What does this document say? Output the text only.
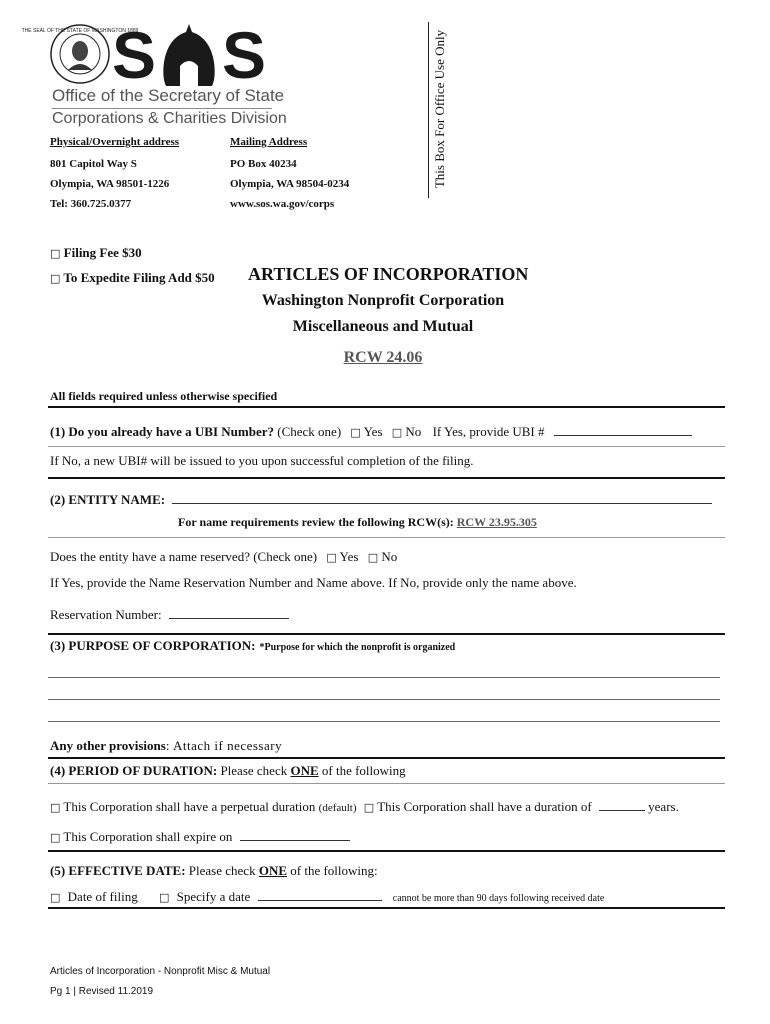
THE SEAL OF THE STATE OF WASHINGTON 1889
S S
Office of the Secretary of State
Corporations & Charities Division	This Box For Office Use Only
Physical/Overnight address	Mailing Address
801 Capitol Way S
Olympia, WA 98501-1226
Tel: 360.725.0377
PO Box 40234
Olympia, WA 98504-0234
www.sos.wa.gov/corps
□ Filing Fee $30
□ To Expedite Filing Add $50 ARTICLES OF INCORPORATION
Washington Nonprofit Corporation
Miscellaneous and Mutual
RCW 24.06
All fields required unless otherwise specified
(1) Do you already have a UBI Number? (Check one) □ Yes □ No If Yes, provide UBI #
If No, a new UBI# will be issued to you upon successful completion of the filing.
(2) ENTITY NAME:
For name requirements review the following RCW(s): RCW 23.95.305
Does the entity have a name reserved? (Check one) □ Yes □ No
If Yes, provide the Name Reservation Number and Name above. If No, provide only the name above.
Reservation Number:
(3) PURPOSE OF CORPORATION: *Purpose for which the nonprofit is organized
Any other provisions: Attach if necessary
(4) PERIOD OF DURATION: Please check ONE of the following
□ This Corporation shall have a perpetual duration (default) □ This Corporation shall have a duration of	years.
□ This Corporation shall expire on
(5) EFFECTIVE DATE: Please check ONE of the following:
□ Date of filing □ Specify a date	cannot be more than 90 days following received date
Articles of Incorporation - Nonprofit Misc & Mutual
Pg 1 | Revised 11.2019
